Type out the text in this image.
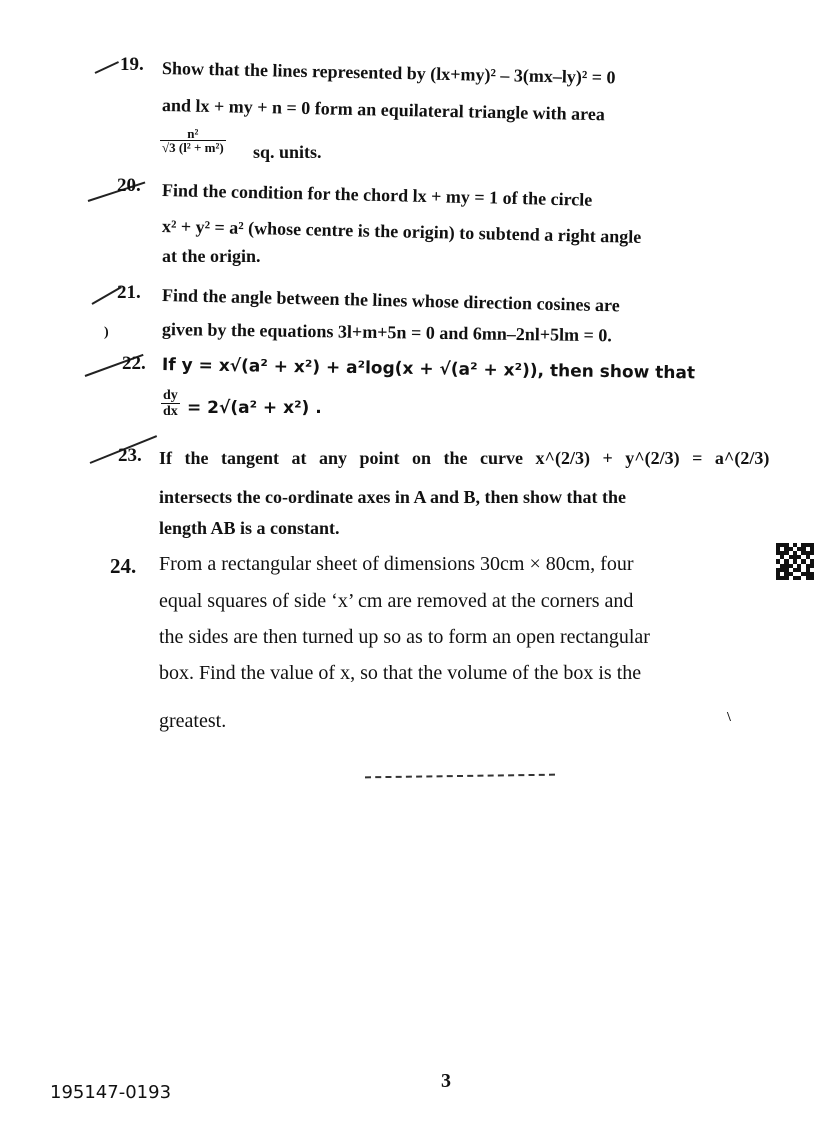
19. Show that the lines represented by (lx+my)² – 3(mx–ly)² = 0
and lx + my + n = 0 form an equilateral triangle with area
$\frac{\text{n²}}{\text{√3 (l² + m²)}}$ sq. units.
20. Find the condition for the chord lx + my = 1 of the circle
x² + y² = a² (whose centre is the origin) to subtend a right angle
at the origin.
)
21. Find the angle between the lines whose direction cosines are
given by the equations 3l+m+5n = 0 and 6mn–2nl+5lm = 0.
22. If y = x√(a² + x²) + a²log(x + √(a² + x²)), then show that
$\frac{dy}{dx} = 2√(a^2 + x^2)$ .
23. If the tangent at any point on the curve x^(2/3) + y^(2/3) = a^(2/3)
intersects the co-ordinate axes in A and B, then show that the
length AB is a constant.
24. From a rectangular sheet of dimensions 30cm × 80cm, four
equal squares of side ‘x’ cm are removed at the corners and
the sides are then turned up so as to form an open rectangular
box. Find the value of x, so that the volume of the box is the
greatest.	\
3
195147-0193
